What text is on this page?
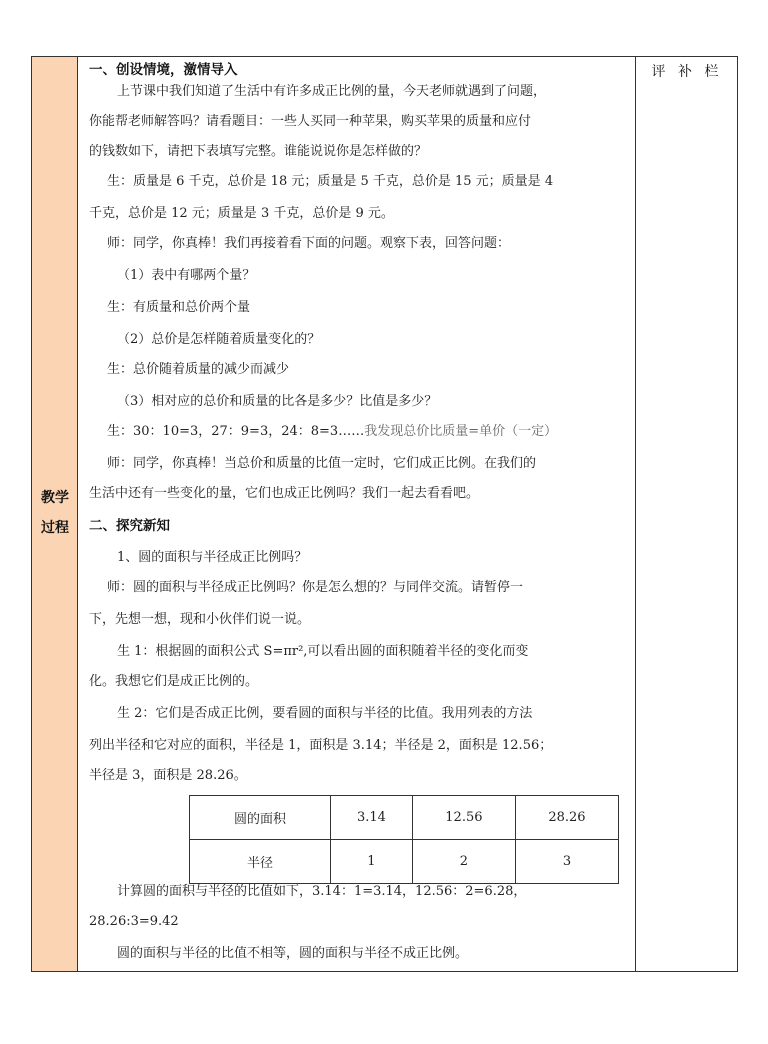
教学
过程
一、创设情境，激情导入
上节课中我们知道了生活中有许多成正比例的量，今天老师就遇到了问题，
你能帮老师解答吗？请看题目：一些人买同一种苹果，购买苹果的质量和应付
的钱数如下，请把下表填写完整。谁能说说你是怎样做的？
生：质量是 6 千克，总价是 18 元；质量是 5 千克，总价是 15 元；质量是 4
千克，总价是 12 元；质量是 3 千克，总价是 9 元。
师：同学，你真棒！我们再接着看下面的问题。观察下表，回答问题：
（1）表中有哪两个量？
生：有质量和总价两个量
（2）总价是怎样随着质量变化的？
生：总价随着质量的减少而减少
（3）相对应的总价和质量的比各是多少？比值是多少？
生：30：10=3，27：9=3，24：8=3……我发现总价比质量=单价（一定）
师：同学，你真棒！当总价和质量的比值一定时，它们成正比例。在我们的
生活中还有一些变化的量，它们也成正比例吗？我们一起去看看吧。
二、探究新知
1、圆的面积与半径成正比例吗？
师：圆的面积与半径成正比例吗？你是怎么想的？与同伴交流。请暂停一
下，先想一想，现和小伙伴们说一说。
生 1：根据圆的面积公式 S=πr²,可以看出圆的面积随着半径的变化而变
化。我想它们是成正比例的。
生 2：它们是否成正比例，要看圆的面积与半径的比值。我用列表的方法
列出半径和它对应的面积，半径是 1，面积是 3.14；半径是 2，面积是 12.56；
半径是 3，面积是 28.26。
圆的面积	3.14	12.56	28.26
半径	1	2	3
计算圆的面积与半径的比值如下，3.14：1=3.14，12.56：2=6.28，
28.26:3=9.42
圆的面积与半径的比值不相等，圆的面积与半径不成正比例。
评 补 栏
